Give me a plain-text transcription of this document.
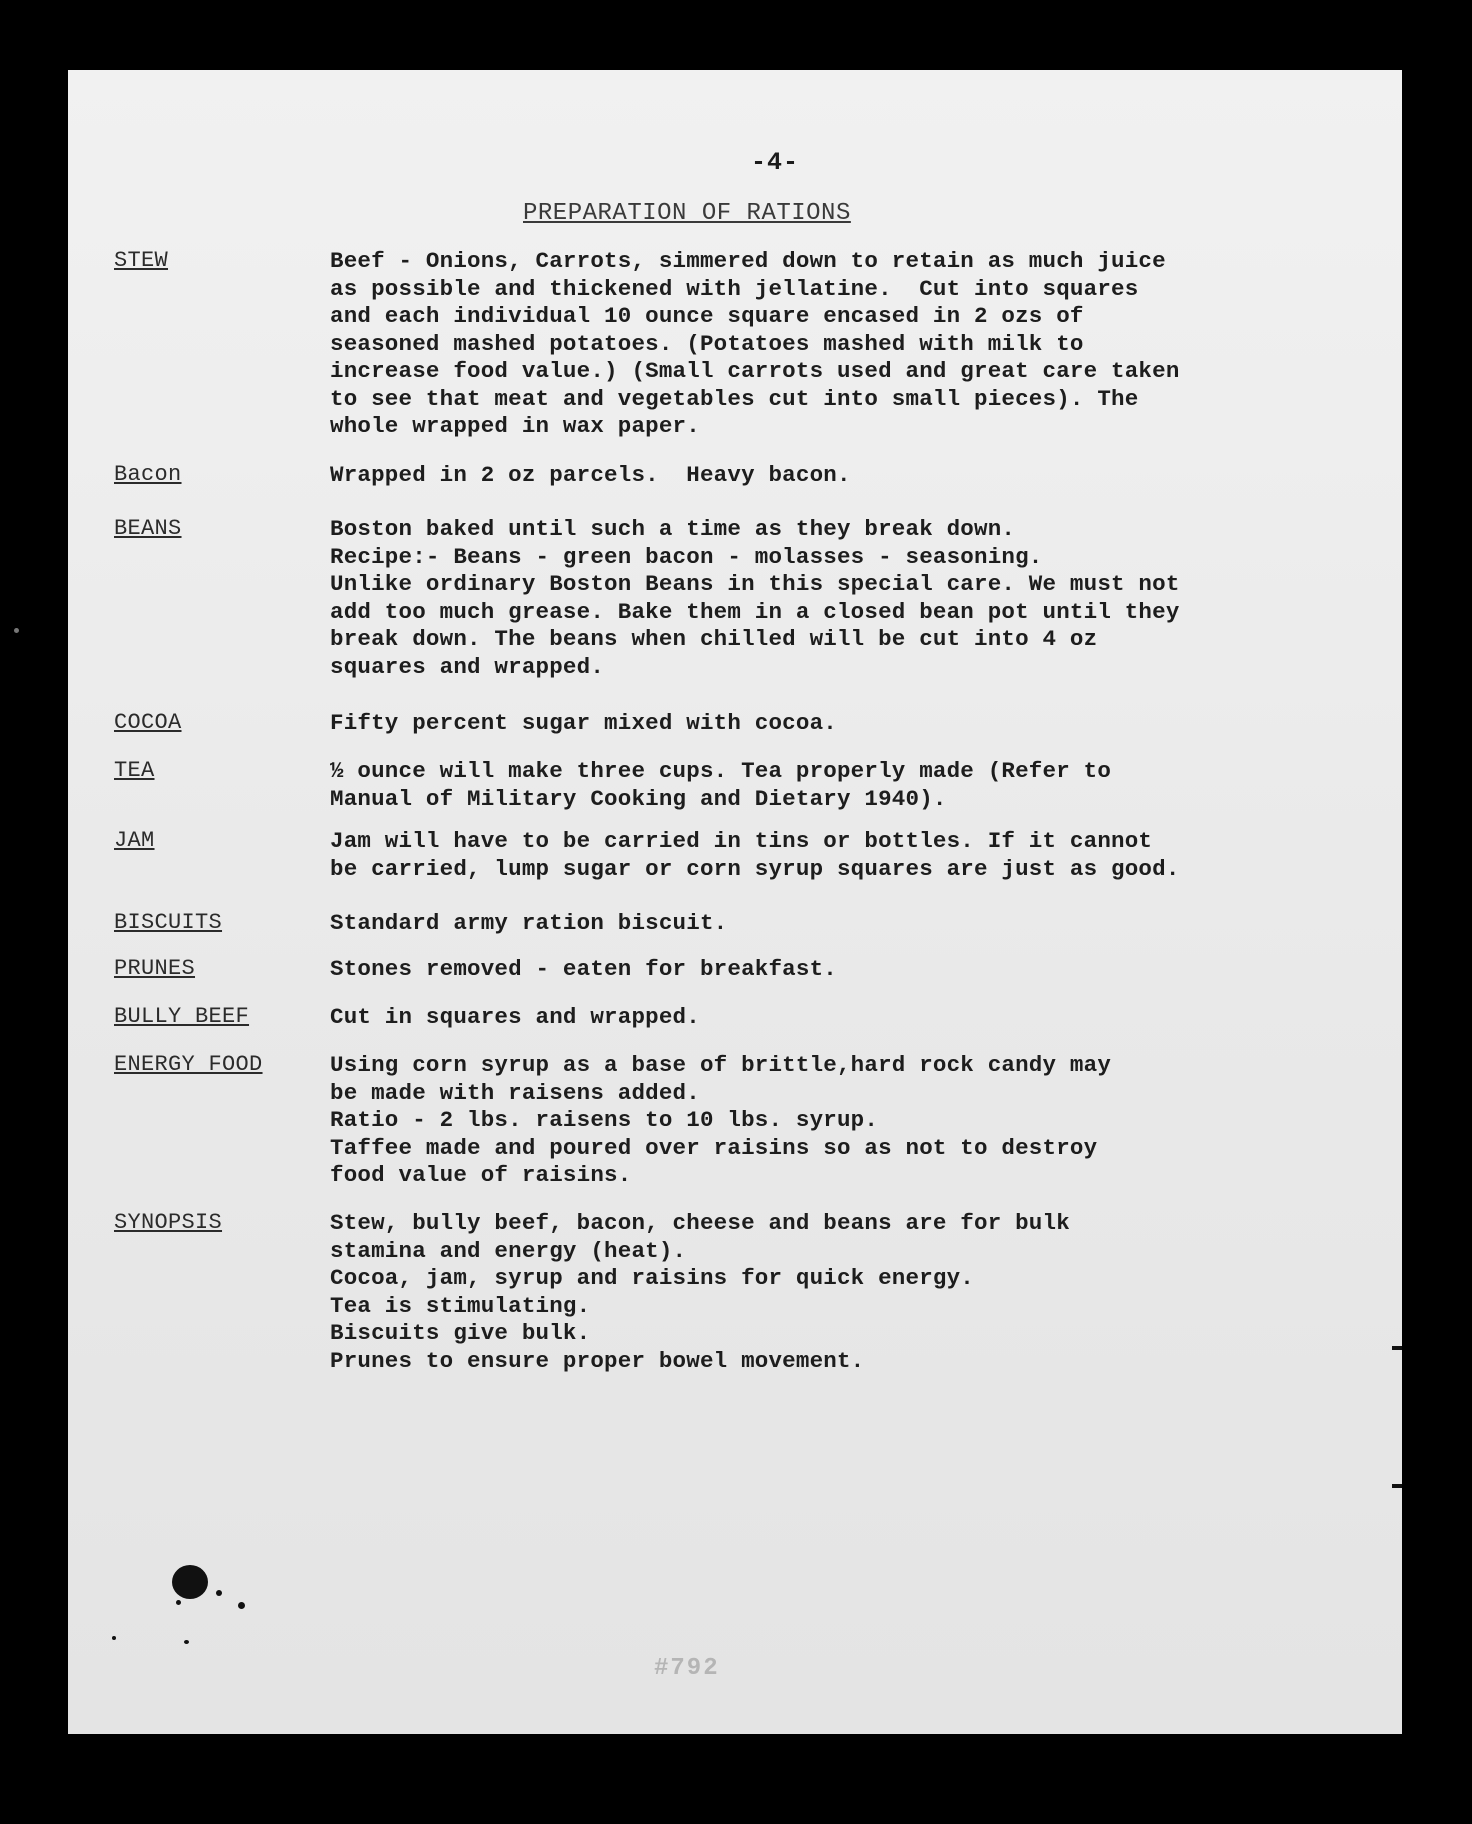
-4-
PREPARATION OF RATIONS
STEW	Beef - Onions, Carrots, simmered down to retain as much juice
as possible and thickened with jellatine.  Cut into squares
and each individual 10 ounce square encased in 2 ozs of
seasoned mashed potatoes. (Potatoes mashed with milk to
increase food value.) (Small carrots used and great care taken
to see that meat and vegetables cut into small pieces). The
whole wrapped in wax paper.
Bacon	Wrapped in 2 oz parcels.  Heavy bacon.
BEANS	Boston baked until such a time as they break down.
Recipe:- Beans - green bacon - molasses - seasoning.
Unlike ordinary Boston Beans in this special care. We must not
add too much grease. Bake them in a closed bean pot until they
break down. The beans when chilled will be cut into 4 oz
squares and wrapped.
COCOA	Fifty percent sugar mixed with cocoa.
TEA	½ ounce will make three cups. Tea properly made (Refer to
Manual of Military Cooking and Dietary 1940).
JAM	Jam will have to be carried in tins or bottles. If it cannot
be carried, lump sugar or corn syrup squares are just as good.
BISCUITS	Standard army ration biscuit.
PRUNES	Stones removed - eaten for breakfast.
BULLY BEEF	Cut in squares and wrapped.
ENERGY FOOD	Using corn syrup as a base of brittle,hard rock candy may
be made with raisens added.
Ratio - 2 lbs. raisens to 10 lbs. syrup.
Taffee made and poured over raisins so as not to destroy
food value of raisins.
SYNOPSIS	Stew, bully beef, bacon, cheese and beans are for bulk
stamina and energy (heat).
Cocoa, jam, syrup and raisins for quick energy.
Tea is stimulating.
Biscuits give bulk.
Prunes to ensure proper bowel movement.
#792
